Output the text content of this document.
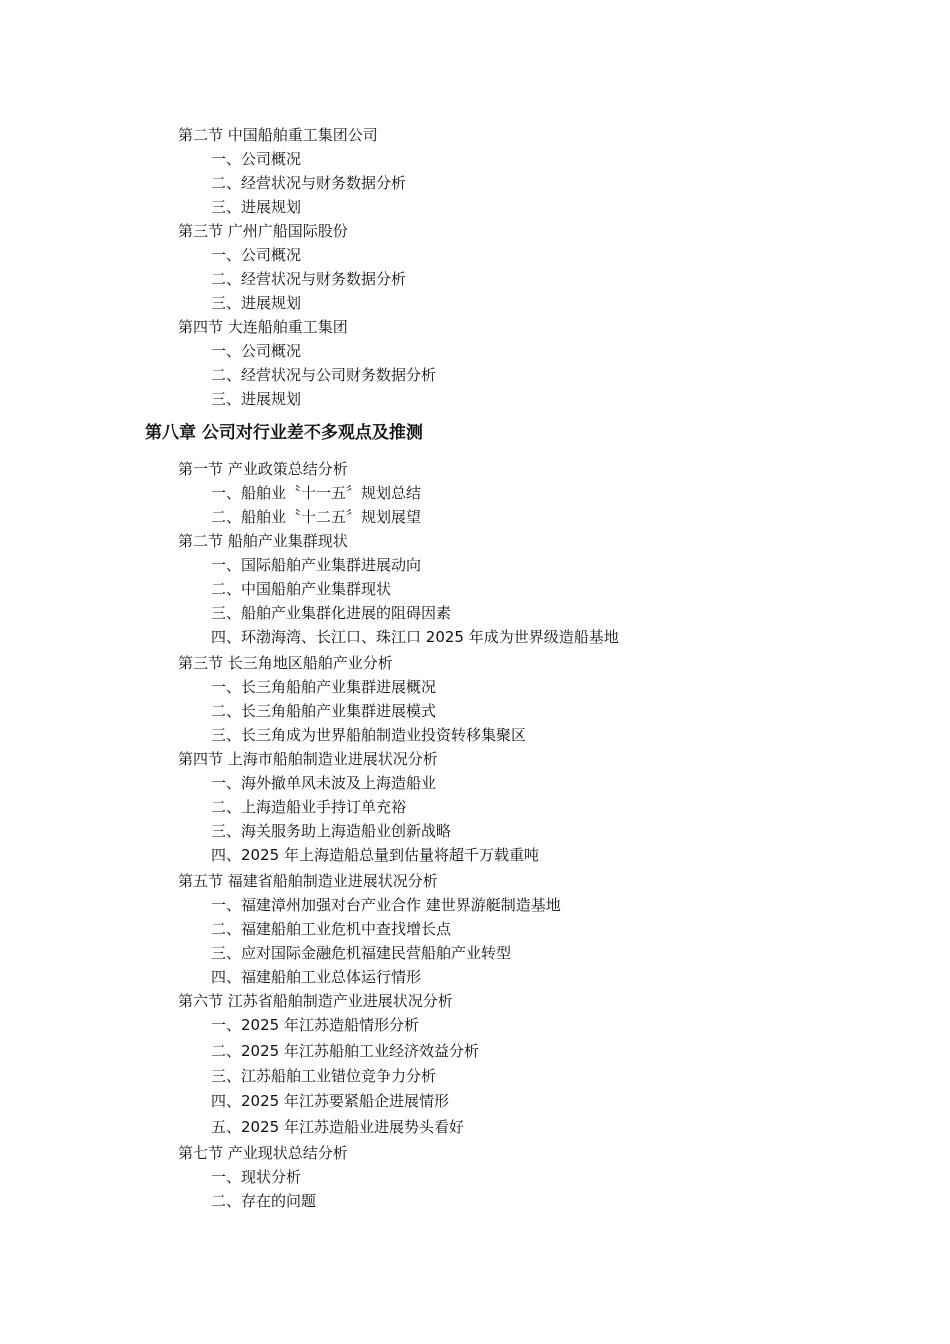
第二节 中国船舶重工集团公司
一、公司概况
二、经营状况与财务数据分析
三、进展规划
第三节 广州广船国际股份
一、公司概况
二、经营状况与财务数据分析
三、进展规划
第四节 大连船舶重工集团
一、公司概况
二、经营状况与公司财务数据分析
三、进展规划
第八章 公司对行业差不多观点及推测
第一节 产业政策总结分析
一、船舶业〝十一五〞规划总结
二、船舶业〝十二五〞规划展望
第二节 船舶产业集群现状
一、国际船舶产业集群进展动向
二、中国船舶产业集群现状
三、船舶产业集群化进展的阻碍因素
四、环渤海湾、长江口、珠江口 2025 年成为世界级造船基地
第三节 长三角地区船舶产业分析
一、长三角船舶产业集群进展概况
二、长三角船舶产业集群进展模式
三、长三角成为世界船舶制造业投资转移集聚区
第四节 上海市船舶制造业进展状况分析
一、海外撤单风未波及上海造船业
二、上海造船业手持订单充裕
三、海关服务助上海造船业创新战略
四、2025 年上海造船总量到估量将超千万载重吨
第五节 福建省船舶制造业进展状况分析
一、福建漳州加强对台产业合作 建世界游艇制造基地
二、福建船舶工业危机中查找增长点
三、应对国际金融危机福建民营船舶产业转型
四、福建船舶工业总体运行情形
第六节 江苏省船舶制造产业进展状况分析
一、2025 年江苏造船情形分析
二、2025 年江苏船舶工业经济效益分析
三、江苏船舶工业错位竞争力分析
四、2025 年江苏要紧船企进展情形
五、2025 年江苏造船业进展势头看好
第七节 产业现状总结分析
一、现状分析
二、存在的问题
